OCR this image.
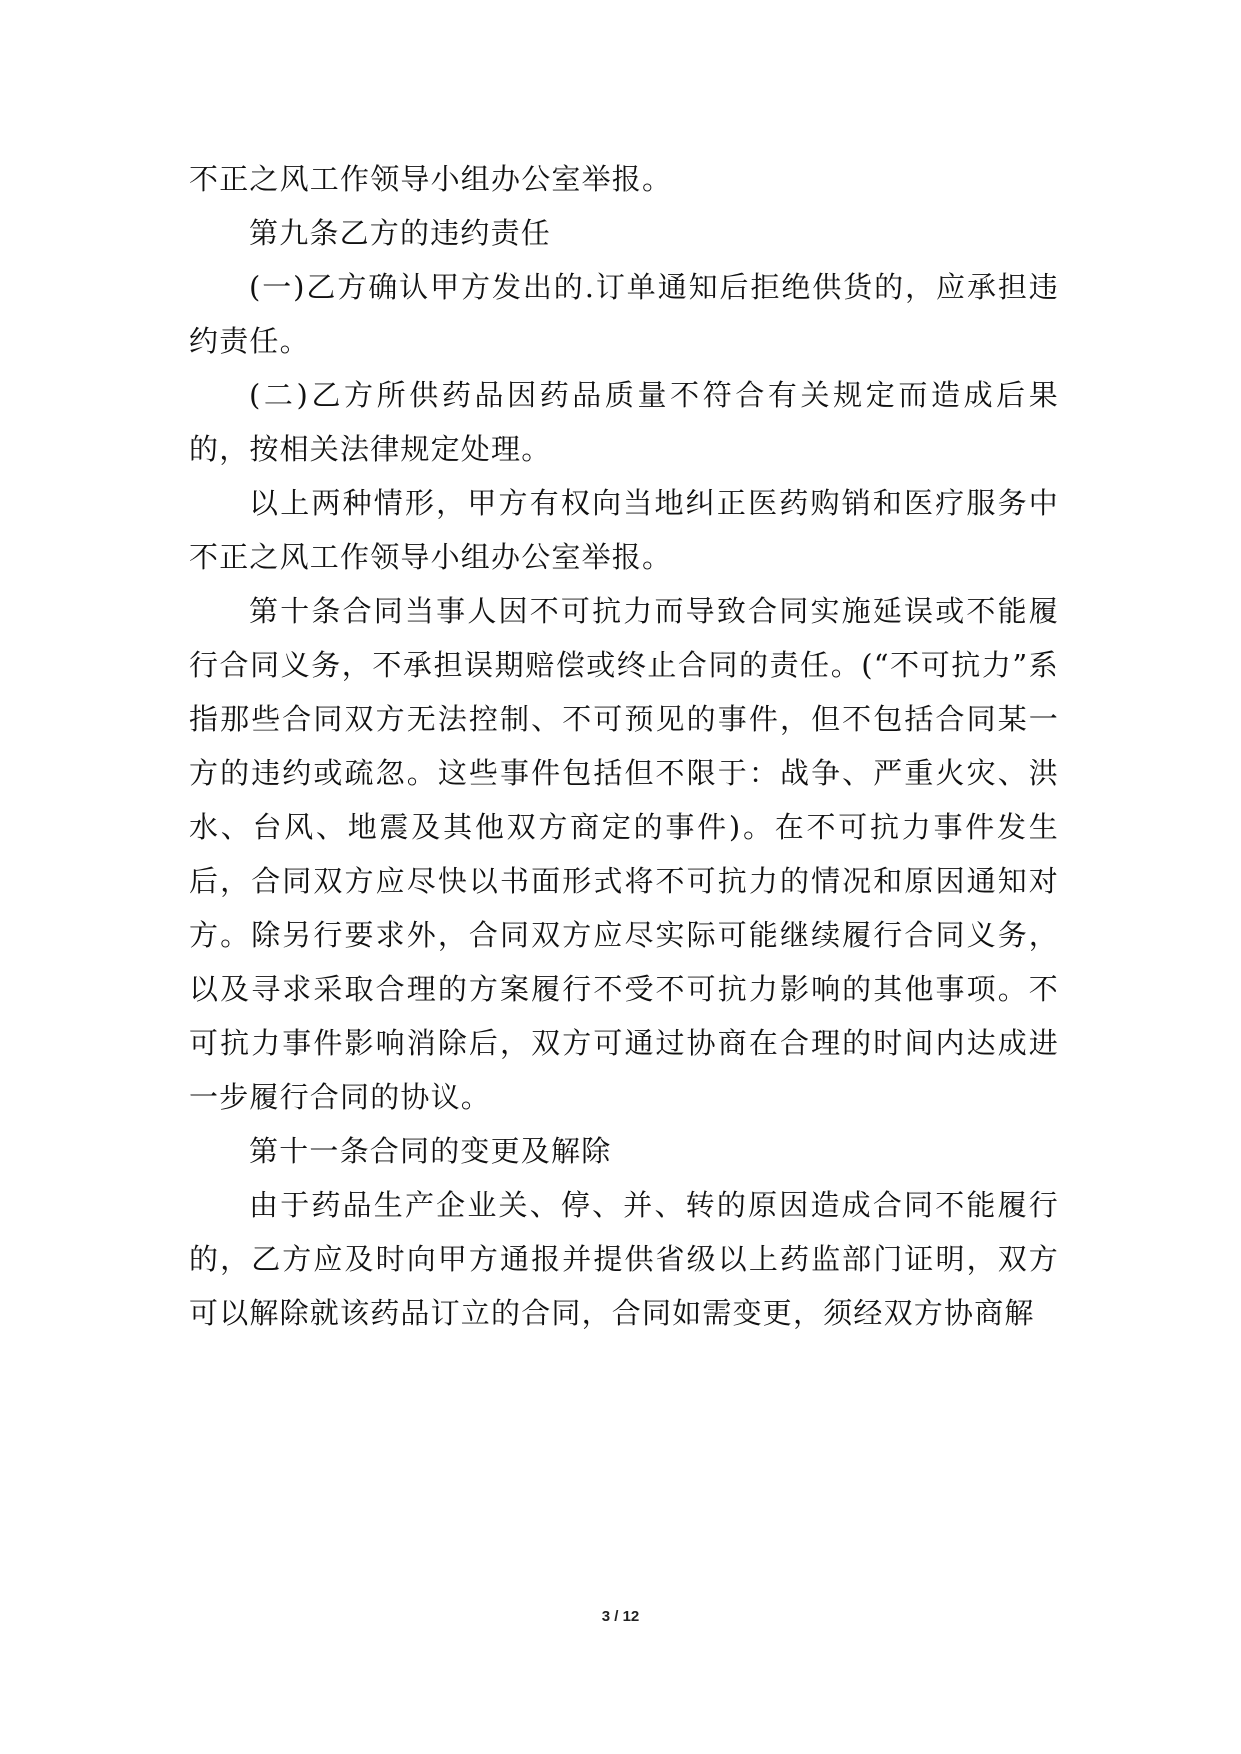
不正之风工作领导小组办公室举报。

第九条乙方的违约责任

(一)乙方确认甲方发出的.订单通知后拒绝供货的，应承担违约责任。

(二)乙方所供药品因药品质量不符合有关规定而造成后果的，按相关法律规定处理。

以上两种情形，甲方有权向当地纠正医药购销和医疗服务中不正之风工作领导小组办公室举报。

第十条合同当事人因不可抗力而导致合同实施延误或不能履行合同义务，不承担误期赔偿或终止合同的责任。(“不可抗力”系指那些合同双方无法控制、不可预见的事件，但不包括合同某一方的违约或疏忽。这些事件包括但不限于：战争、严重火灾、洪水、台风、地震及其他双方商定的事件)。在不可抗力事件发生后，合同双方应尽快以书面形式将不可抗力的情况和原因通知对方。除另行要求外，合同双方应尽实际可能继续履行合同义务，以及寻求采取合理的方案履行不受不可抗力影响的其他事项。不可抗力事件影响消除后，双方可通过协商在合理的时间内达成进一步履行合同的协议。

第十一条合同的变更及解除

由于药品生产企业关、停、并、转的原因造成合同不能履行的，乙方应及时向甲方通报并提供省级以上药监部门证明，双方可以解除就该药品订立的合同，合同如需变更，须经双方协商解

3 / 12
